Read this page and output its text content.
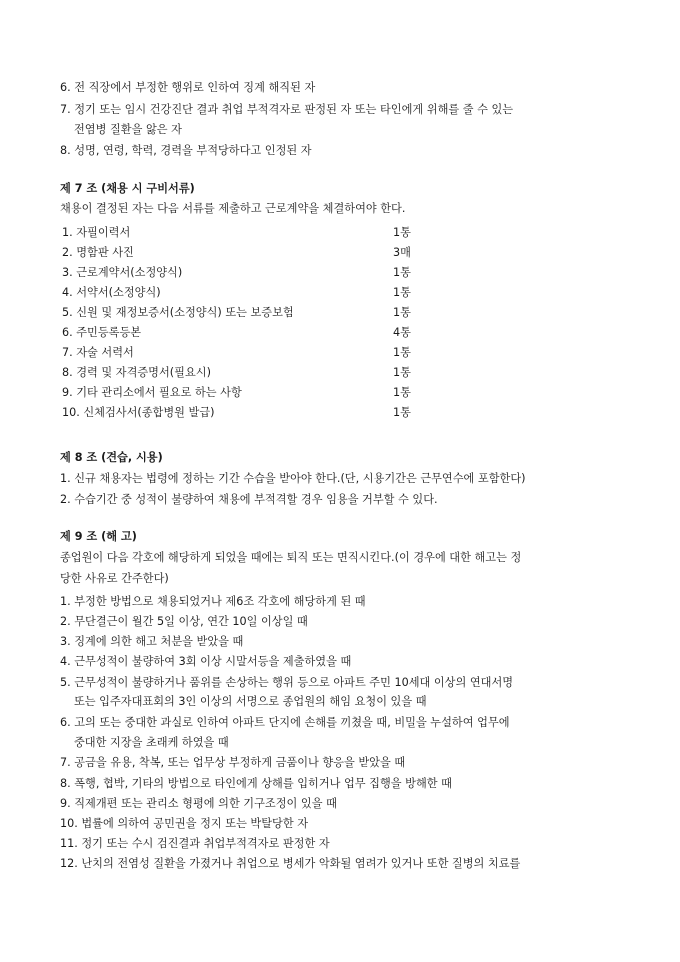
6. 전 직장에서 부정한 행위로 인하여 징계 해직된 자
7. 정기 또는 임시 건강진단 결과 취업 부적격자로 판정된 자 또는 타인에게 위해를 줄 수 있는
전염병 질환을 앓은 자
8. 성명, 연령, 학력, 경력을 부적당하다고 인정된 자
제 7 조 (채용 시 구비서류)
채용이 결정된 자는 다음 서류를 제출하고 근로계약을 체결하여야 한다.
1. 자필이력서	1통
2. 명함판 사진	3매
3. 근로계약서(소정양식)	1통
4. 서약서(소정양식)	1통
5. 신원 및 재정보증서(소정양식) 또는 보증보험	1통
6. 주민등록등본	4통
7. 자술 서력서	1통
8. 경력 및 자격증명서(필요시)	1통
9. 기타 관리소에서 필요로 하는 사항	1통
10. 신체검사서(종합병원 발급)	1통
제 8 조 (견습, 시용)
1. 신규 채용자는 법령에 정하는 기간 수습을 받아야 한다.(단, 시용기간은 근무연수에 포함한다)
2. 수습기간 중 성적이 불량하여 채용에 부적격할 경우 임용을 거부할 수 있다.
제 9 조 (해 고)
종업원이 다음 각호에 해당하게 되었을 때에는 퇴직 또는 면직시킨다.(이 경우에 대한 해고는 정
당한 사유로 간주한다)
1. 부정한 방법으로 채용되었거나 제6조 각호에 해당하게 된 때
2. 무단결근이 월간 5일 이상, 연간 10일 이상일 때
3. 징계에 의한 해고 처분을 받았을 때
4. 근무성적이 불량하여 3회 이상 시말서등을 제출하였을 때
5. 근무성적이 불량하거나 품위를 손상하는 행위 등으로 아파트 주민 10세대 이상의 연대서명
또는 입주자대표회의 3인 이상의 서명으로 종업원의 해임 요청이 있을 때
6. 고의 또는 중대한 과실로 인하여 아파트 단지에 손해를 끼쳤을 때, 비밀을 누설하여 업무에
중대한 지장을 초래케 하였을 때
7. 공금을 유용, 착복, 또는 업무상 부정하게 금품이나 향응을 받았을 때
8. 폭행, 협박, 기타의 방법으로 타인에게 상해를 입히거나 업무 집행을 방해한 때
9. 직제개편 또는 관리소 형평에 의한 기구조정이 있을 때
10. 법률에 의하여 공민권을 정지 또는 박탈당한 자
11. 정기 또는 수시 검진결과 취업부적격자로 판정한 자
12. 난치의 전염성 질환을 가졌거나 취업으로 병세가 악화될 염려가 있거나 또한 질병의 치료를
